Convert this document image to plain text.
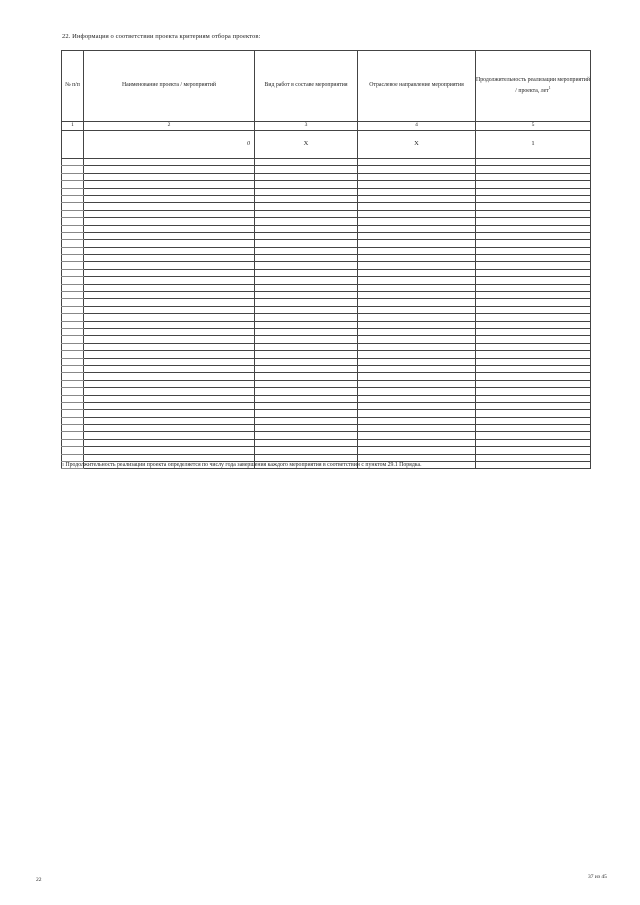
22. Информация о соответствии проекта критериям отбора проектов:
№ п/п	Наименование проекта / мероприятий	Вид работ в составе мероприятия	Отраслевое направление мероприятия	Продолжительность реализации мероприятий / проекта, лет$^1$
1	2	3	4	5
	0	Х	Х	1

$^1$ Продолжительность реализации проекта определяется по числу года завершения каждого мероприятия в соответствии с пунктом 29.1 Порядка.
22	37 из 45
